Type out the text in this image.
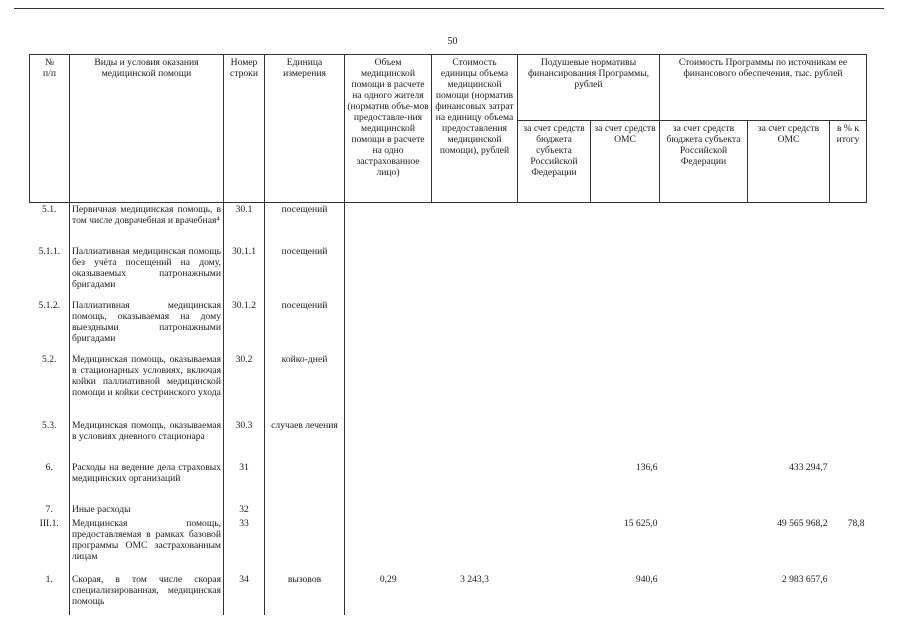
50
№
п/п	Виды и условия оказания медицинской помощи	Номер строки	Единица измерения	Объем медицинской помощи в расчете на одного жителя (норматив объе-мов предоставле-ния медицинской помощи в расчете на одно застрахованное лицо)	Стоимость единицы объема медицинской помощи (норматив финансовых затрат на единицу объема предоставления медицинской помощи), рублей	Подушевые нормативы финансирования Программы, рублей		Стоимость Программы по источникам ее финансового обеспечения, тыс. рублей		
						за счет средств бюджета субъекта Российской Федерации	за счет средств ОМС	за счет средств бюджета субъекта Российской Федерации	за счет средств ОМС	в % к итогу
5.1.	Первичная медицинская помощь, в том числе доврачебная и врачебная⁴	30.1	посещений							
5.1.1.	Паллиативная медицинская помощь без учёта посещений на дому, оказываемых патронажными бригадами	30.1.1	посещений							
5.1.2.	Паллиативная медицинская помощь, оказываемая на дому выездными патронажными бригадами	30.1.2	посещений							
5.2.	Медицинская помощь, оказываемая в стационарных условиях, включая койки паллиативной медицинской помощи и койки сестринского ухода	30.2	койко-дней							
5.3.	Медицинская помощь, оказываемая в условиях дневного стационара	30.3	случаев лечения							
6.	Расходы на ведение дела страховых медицинских организаций	31					136,6		433 294,7	
7.	Иные расходы	32								
III.1.	Медицинская помощь, предоставляемая в рамках базовой программы ОМС застрахованным лицам	33					15 625,0		49 565 968,2	78,8
1.	Скорая, в том числе скорая специализированная, медицинская помощь	34	вызовов	0,29	3 243,3		940,6		2 983 657,6	
